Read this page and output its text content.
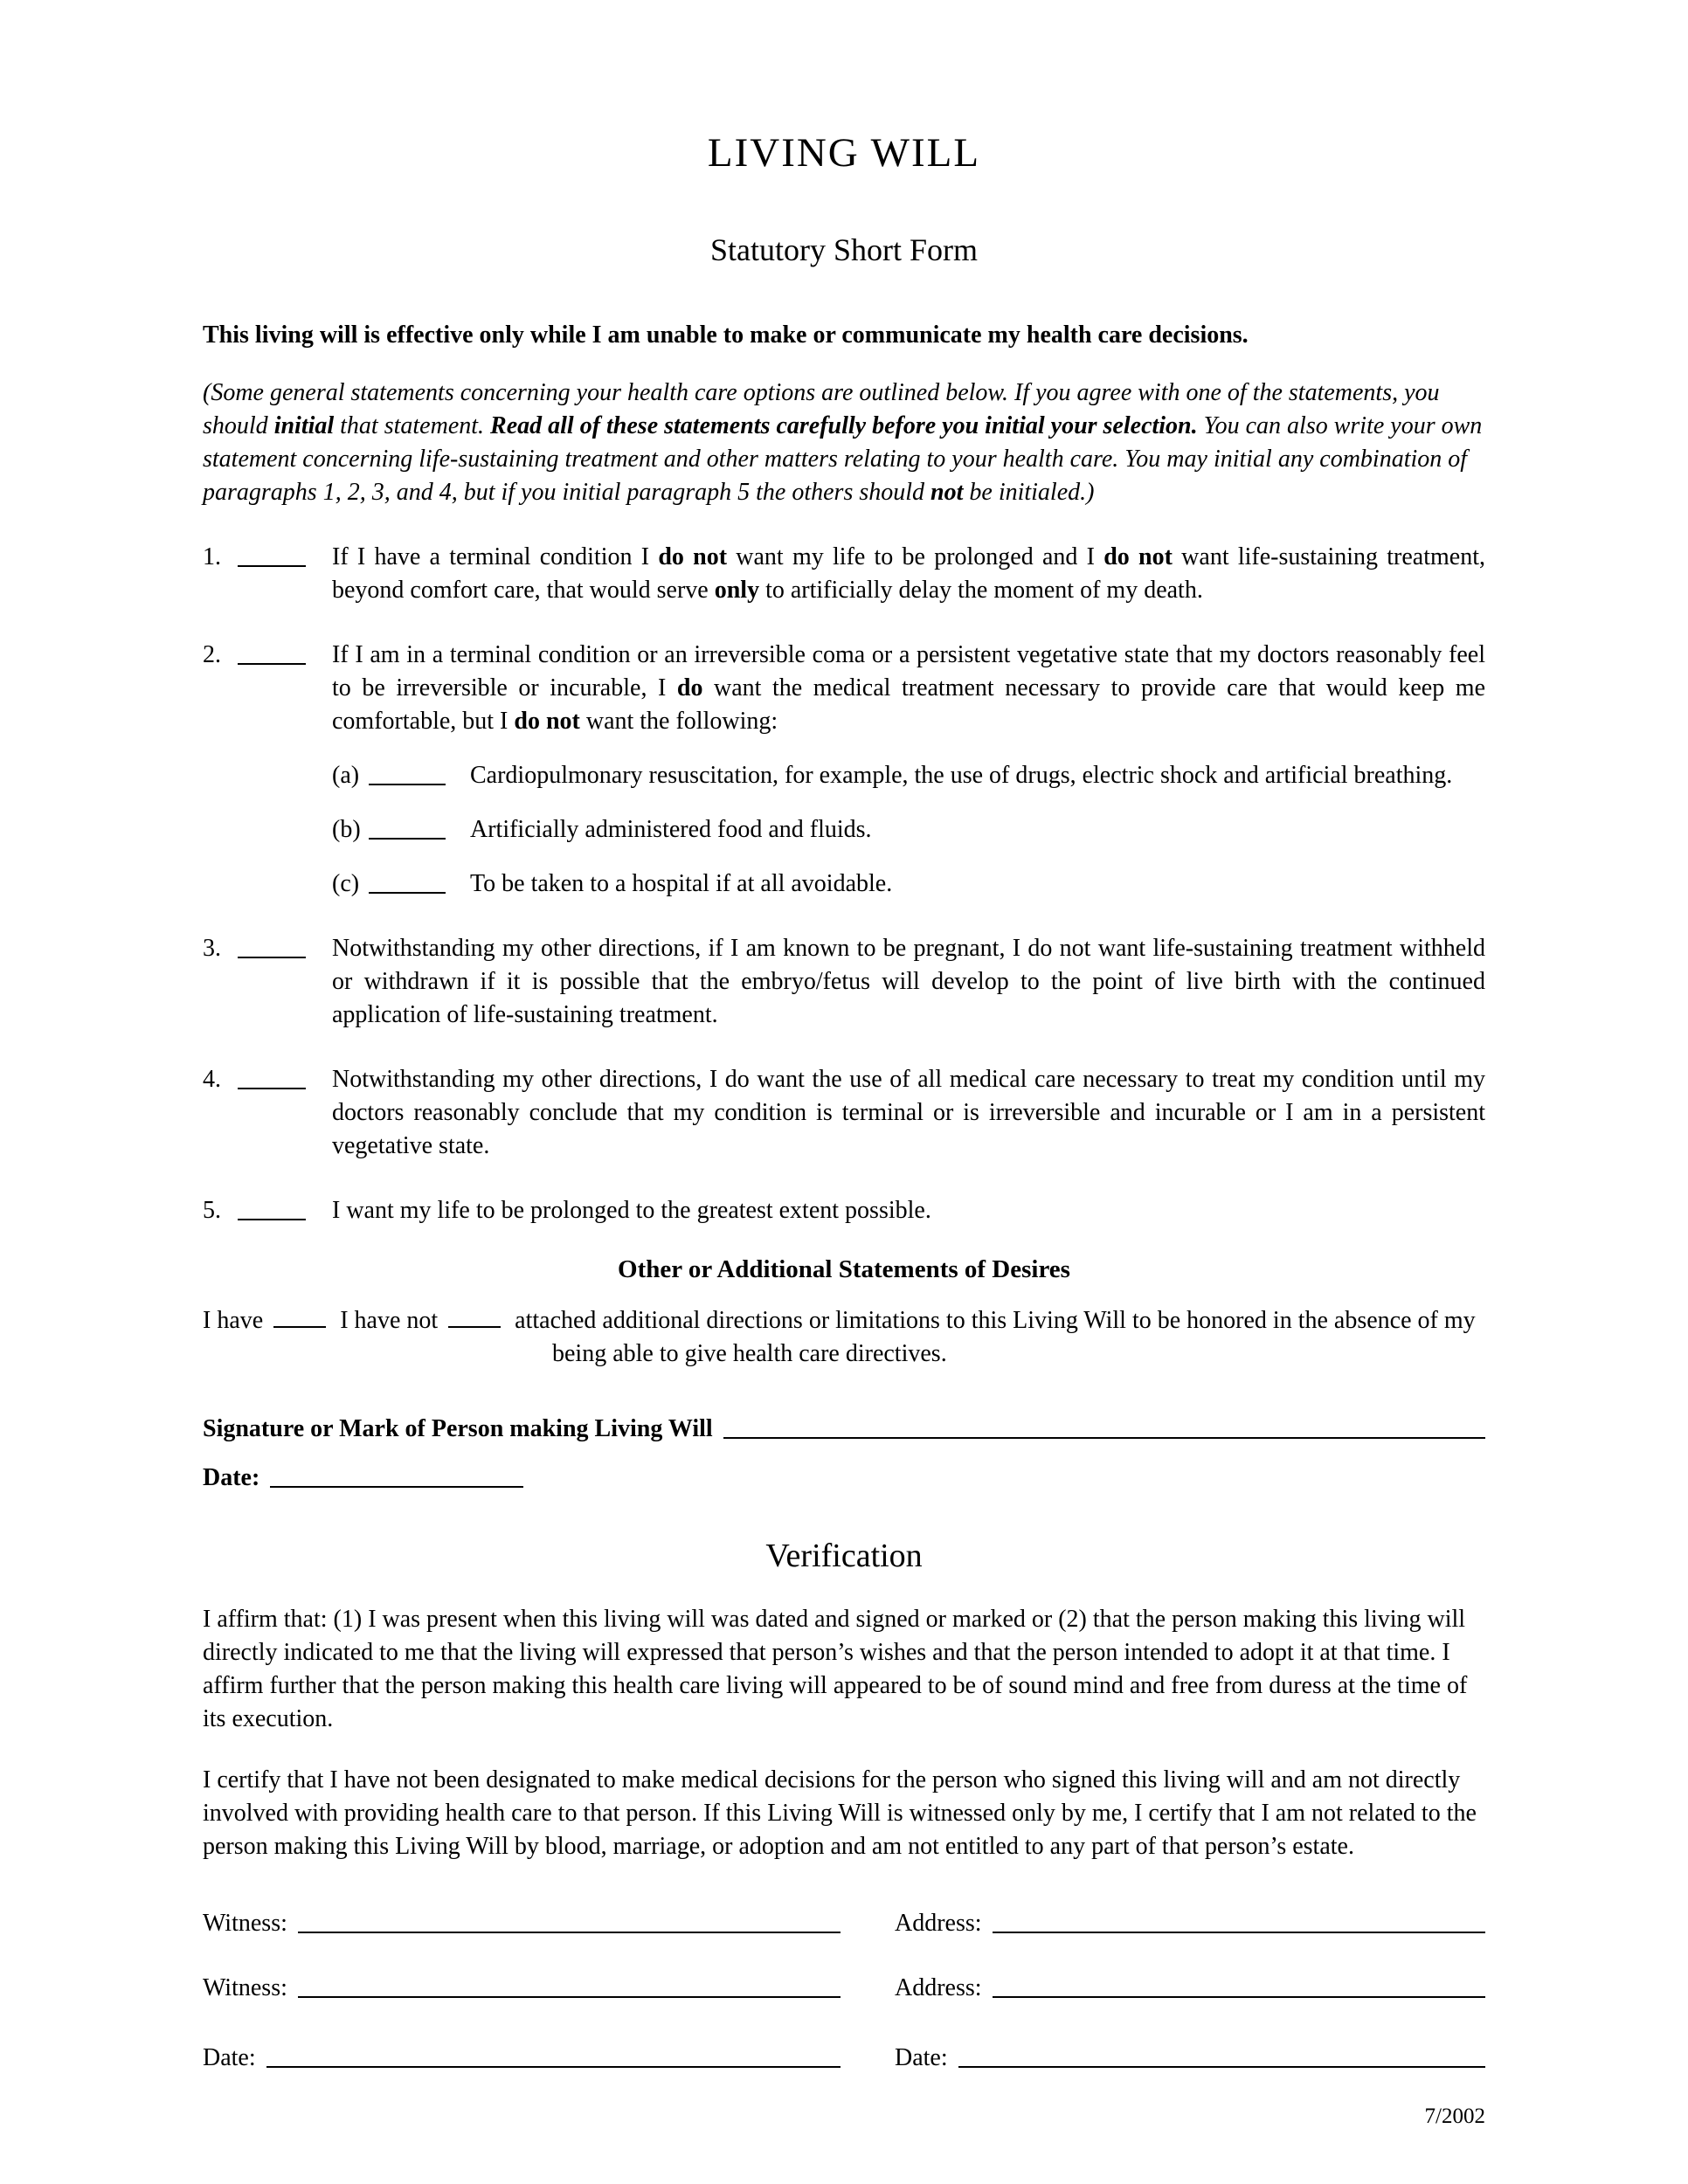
LIVING WILL
Statutory Short Form

This living will is effective only while I am unable to make or communicate my health care decisions.

(Some general statements concerning your health care options are outlined below. If you agree with one of the statements, you should initial that statement. Read all of these statements carefully before you initial your selection. You can also write your own statement concerning life-sustaining treatment and other matters relating to your health care. You may initial any combination of paragraphs 1, 2, 3, and 4, but if you initial paragraph 5 the others should not be initialed.)

1.	If I have a terminal condition I do not want my life to be prolonged and I do not want life-sustaining treatment, beyond comfort care, that would serve only to artificially delay the moment of my death.
2.	If I am in a terminal condition or an irreversible coma or a persistent vegetative state that my doctors reasonably feel to be irreversible or incurable, I do want the medical treatment necessary to provide care that would keep me comfortable, but I do not want the following:
(a)	Cardiopulmonary resuscitation, for example, the use of drugs, electric shock and artificial breathing.
(b)	Artificially administered food and fluids.
(c)	To be taken to a hospital if at all avoidable.
3.	Notwithstanding my other directions, if I am known to be pregnant, I do not want life-sustaining treatment withheld or withdrawn if it is possible that the embryo/fetus will develop to the point of live birth with the continued application of life-sustaining treatment.
4.	Notwithstanding my other directions, I do want the use of all medical care necessary to treat my condition until my doctors reasonably conclude that my condition is terminal or is irreversible and incurable or I am in a persistent vegetative state.
5.	I want my life to be prolonged to the greatest extent possible.
Other or Additional Statements of Desires

I have	I have not	attached additional directions or limitations to this Living Will to be honored in the absence of my being able to give health care directives.

Signature or Mark of Person making Living Will
Date:
Verification

I affirm that: (1) I was present when this living will was dated and signed or marked or (2) that the person making this living will directly indicated to me that the living will expressed that person’s wishes and that the person intended to adopt it at that time. I affirm further that the person making this health care living will appeared to be of sound mind and free from duress at the time of its execution.

I certify that I have not been designated to make medical decisions for the person who signed this living will and am not directly involved with providing health care to that person. If this Living Will is witnessed only by me, I certify that I am not related to the person making this Living Will by blood, marriage, or adoption and am not entitled to any part of that person’s estate.

Witness:	Address:
Witness:	Address:
Date:	Date:
7/2002
